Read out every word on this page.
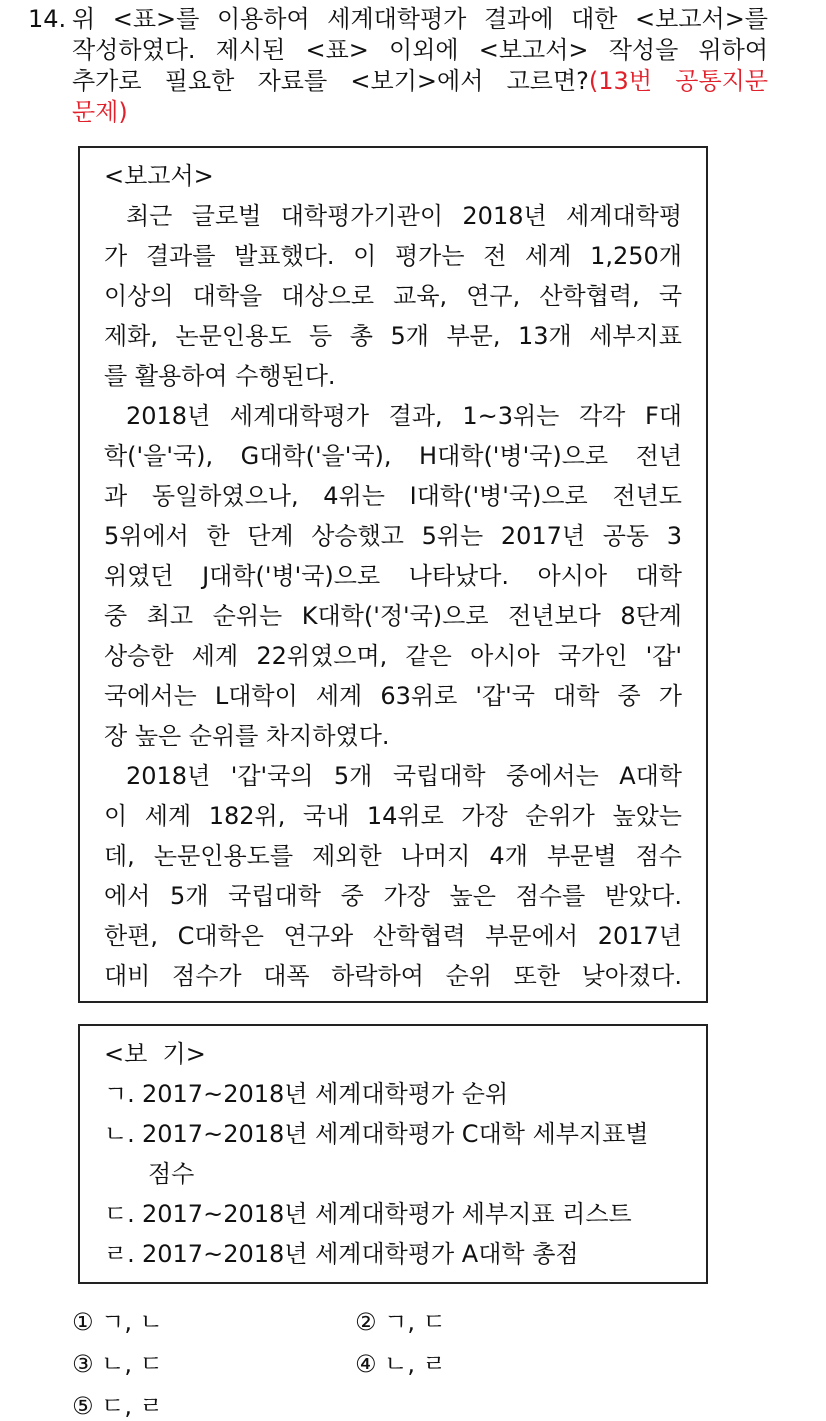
14. 위 <표>를 이용하여 세계대학평가 결과에 대한 <보고서>를
작성하였다. 제시된 <표> 이외에 <보고서> 작성을 위하여
추가로 필요한 자료를 <보기>에서 고르면?(13번 공통지문
문제)
<보고서>
최근 글로벌 대학평가기관이 2018년 세계대학평
가 결과를 발표했다. 이 평가는 전 세계 1,250개
이상의 대학을 대상으로 교육, 연구, 산학협력, 국
제화, 논문인용도 등 총 5개 부문, 13개 세부지표
를 활용하여 수행된다.
2018년 세계대학평가 결과, 1~3위는 각각 F대
학('을'국), G대학('을'국), H대학('병'국)으로 전년
과 동일하였으나, 4위는 I대학('병'국)으로 전년도
5위에서 한 단계 상승했고 5위는 2017년 공동 3
위였던 J대학('병'국)으로 나타났다. 아시아 대학
중 최고 순위는 K대학('정'국)으로 전년보다 8단계
상승한 세계 22위였으며, 같은 아시아 국가인 '갑'
국에서는 L대학이 세계 63위로 '갑'국 대학 중 가
장 높은 순위를 차지하였다.
2018년 '갑'국의 5개 국립대학 중에서는 A대학
이 세계 182위, 국내 14위로 가장 순위가 높았는
데, 논문인용도를 제외한 나머지 4개 부문별 점수
에서 5개 국립대학 중 가장 높은 점수를 받았다.
한편, C대학은 연구와 산학협력 부문에서 2017년
대비 점수가 대폭 하락하여 순위 또한 낮아졌다.
<보  기>
ㄱ. 2017~2018년 세계대학평가 순위
ㄴ. 2017~2018년 세계대학평가 C대학 세부지표별
점수
ㄷ. 2017~2018년 세계대학평가 세부지표 리스트
ㄹ. 2017~2018년 세계대학평가 A대학 총점
① ㄱ, ㄴ	② ㄱ, ㄷ
③ ㄴ, ㄷ	④ ㄴ, ㄹ
⑤ ㄷ, ㄹ
